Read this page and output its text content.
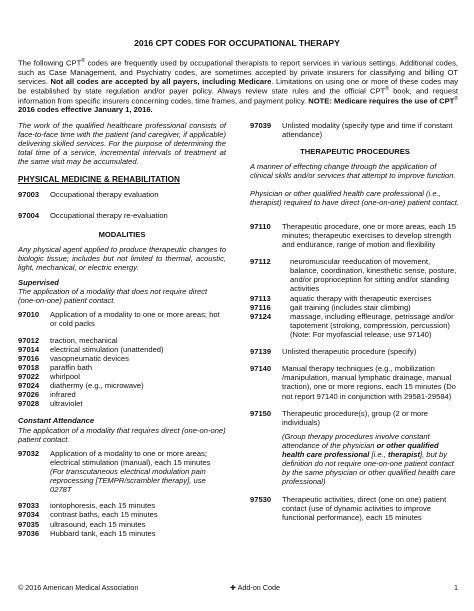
2016 CPT CODES FOR OCCUPATIONAL THERAPY
The following CPT® codes are frequently used by occupational therapists to report services in various settings. Additional codes, such as Case Management, and Psychiatry codes, are sometimes accepted by private insurers for classifying and billing OT services. Not all codes are accepted by all payers, including Medicare. Limitations on using one or more of these codes may be established by state regulation and/or payer policy. Always review state rules and the official CPT® book, and request information from specific insurers concerning codes, time frames, and payment policy. NOTE: Medicare requires the use of CPT® 2016 codes effective January 1, 2016.

The work of the qualified healthcare professional consists of face-to-face time with the patient (and caregiver, if applicable) delivering skilled services. For the purpose of determining the total time of a service, incremental intervals of treatment at the same visit may be accumulated.

PHYSICAL MEDICINE & REHABILITATION
97003	Occupational therapy evaluation
97004	Occupational therapy re-evaluation
MODALITIES

Any physical agent applied to produce therapeutic changes to biologic tissue; includes but not limited to thermal, acoustic, light, mechanical, or electric energy.

Supervised

The application of a modality that does not require direct (one-on-one) patient contact.

97010	Application of a modality to one or more areas; hot or cold packs
97012	traction, mechanical
97014	electrical stimulation (unattended)
97016	vasopneumatic devices
97018	paraffin bath
97022	whirlpool
97024	diathermy (e.g., microwave)
97026	infrared
97028	ultraviolet
Constant Attendance

The application of a modality that requires direct (one-on-one) patient contact.

97032	Application of a modality to one or more areas; electrical stimulation (manual), each 15 minutes
(For transcutaneous electrical modulation pain reprocessing [TEMPR/scrambler therapy], use 0278T
97033	iontophoresis, each 15 minutes
97034	contrast baths, each 15 minutes
97035	ultrasound, each 15 minutes
97036	Hubbard tank, each 15 minutes
97039	Unlisted modality (specify type and time if constant attendance)
THERAPEUTIC PROCEDURES

A manner of effecting change through the application of clinical skills and/or services that attempt to improve function.

Physician or other qualified health care professional (i.e., therapist) required to have direct (one-on-one) patient contact.

97110	Therapeutic procedure, one or more areas, each 15 minutes; therapeutic exercises to develop strength and endurance, range of motion and flexibility
97112	neuromuscular reeducation of movement, balance, coordination, kinesthetic sense, posture, and/or proprioception for sitting and/or standing activities
97113	aquatic therapy with therapeutic exercises
97116	gait training (includes stair climbing)
97124	massage, including effleurage, petrissage and/or tapotement (stroking, compression, percussion)
(Note: For myofascial release, use 97140)
97139	Unlisted therapeutic procedure (specify)
97140	Manual therapy techniques (e.g., mobilization /manipulation, manual lymphatic drainage, manual traction), one or more regions, each 15 minutes (Do not report 97140 in conjunction with 29581-29584)
97150	Therapeutic procedure(s), group (2 or more individuals)
(Group therapy procedures involve constant attendance of the physician or other qualified health care professional [i.e., therapist], but by definition do not require one-on-one patient contact by the same physician or other qualified health care professional)
97530	Therapeutic activities, direct (one on one) patient contact (use of dynamic activities to improve functional performance), each 15 minutes
© 2016 American Medical Association	✚ Add-on Code	1
